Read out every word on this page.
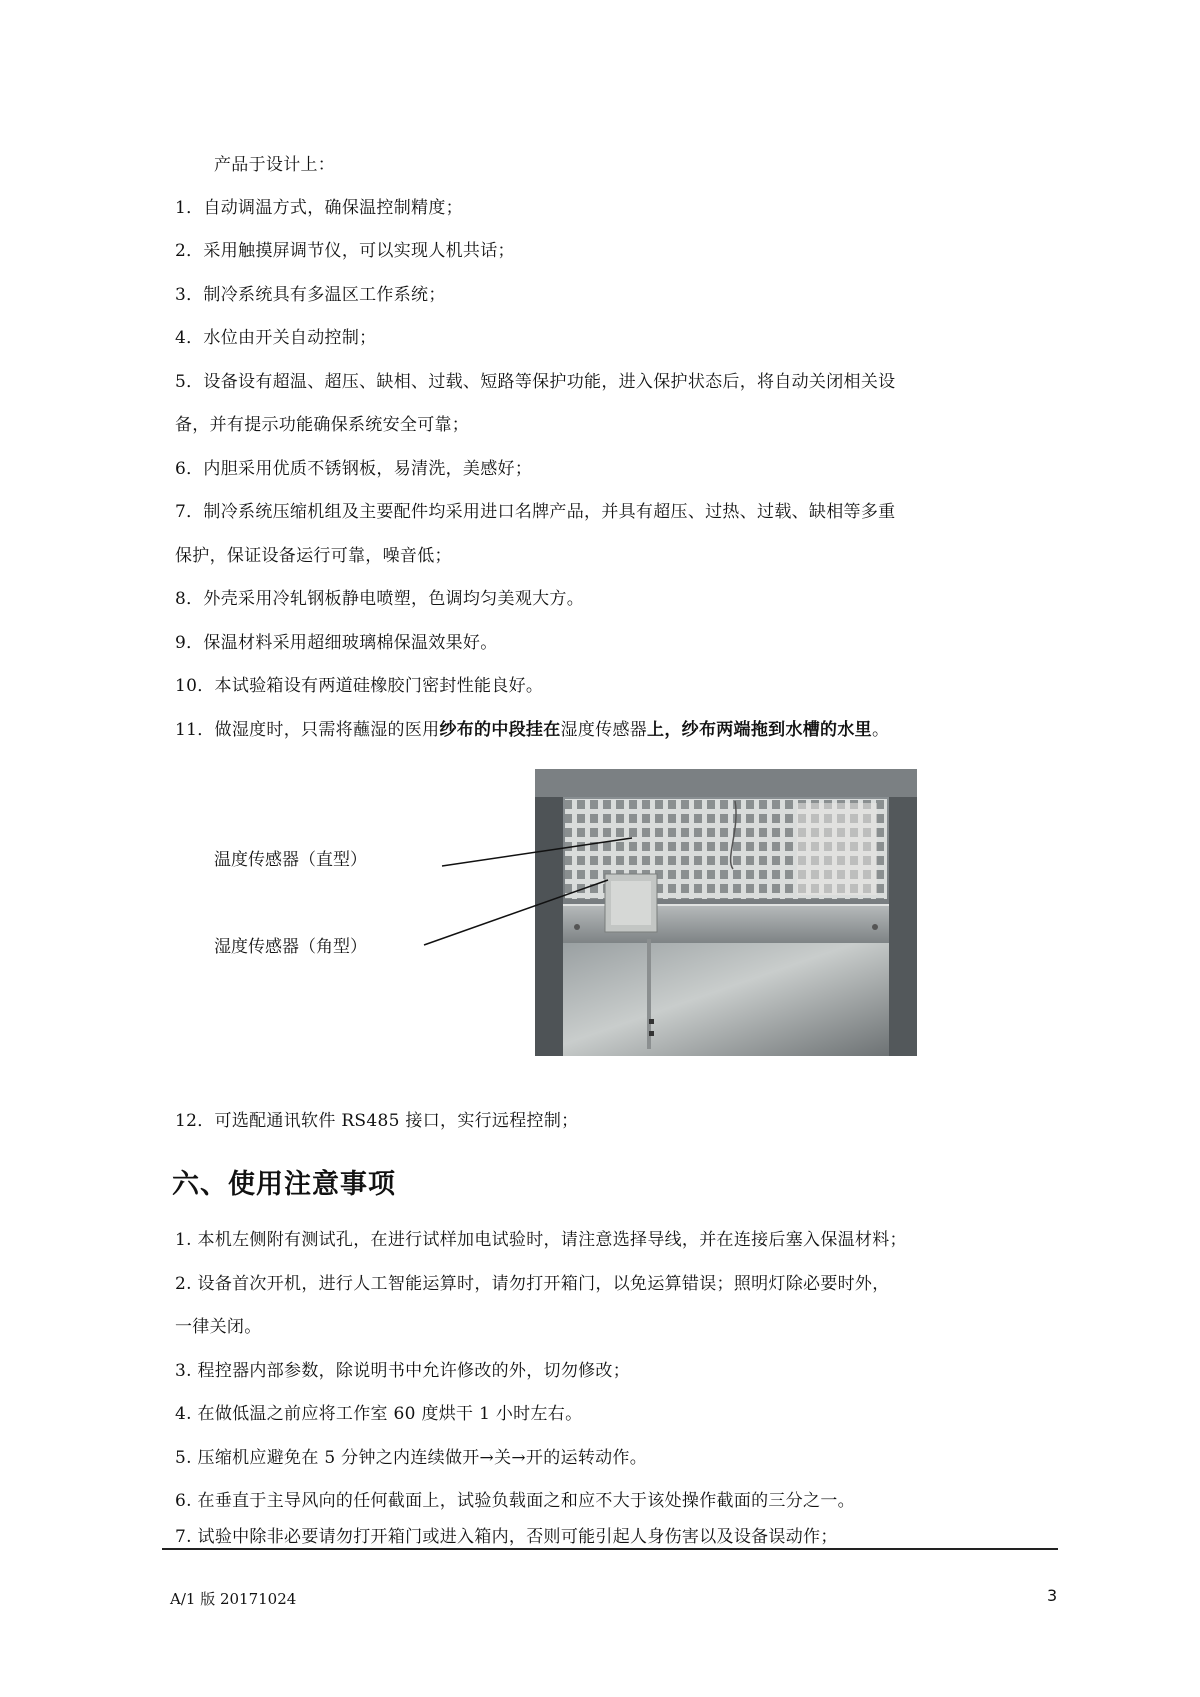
产品于设计上：
1．自动调温方式，确保温控制精度；
2．采用触摸屏调节仪，可以实现人机共话；
3．制冷系统具有多温区工作系统；
4．水位由开关自动控制；
5．设备设有超温、超压、缺相、过载、短路等保护功能，进入保护状态后，将自动关闭相关设
备，并有提示功能确保系统安全可靠；
6．内胆采用优质不锈钢板，易清洗，美感好；
7．制冷系统压缩机组及主要配件均采用进口名牌产品，并具有超压、过热、过载、缺相等多重
保护，保证设备运行可靠，噪音低；
8．外壳采用冷轧钢板静电喷塑，色调均匀美观大方。
9．保温材料采用超细玻璃棉保温效果好。
10．本试验箱设有两道硅橡胶门密封性能良好。
11．做湿度时，只需将蘸湿的医用纱布的中段挂在湿度传感器上，纱布两端拖到水槽的水里。
温度传感器（直型）
湿度传感器（角型）
12．可选配通讯软件 RS485 接口，实行远程控制；
六、使用注意事项
1. 本机左侧附有测试孔，在进行试样加电试验时，请注意选择导线，并在连接后塞入保温材料；
2. 设备首次开机，进行人工智能运算时，请勿打开箱门，以免运算错误；照明灯除必要时外，
一律关闭。
3. 程控器内部参数，除说明书中允许修改的外，切勿修改；
4. 在做低温之前应将工作室 60 度烘干 1 小时左右。
5. 压缩机应避免在 5 分钟之内连续做开→关→开的运转动作。
6. 在垂直于主导风向的任何截面上，试验负载面之和应不大于该处操作截面的三分之一。
7. 试验中除非必要请勿打开箱门或进入箱内，否则可能引起人身伤害以及设备误动作；
A/1 版 20171024	3
